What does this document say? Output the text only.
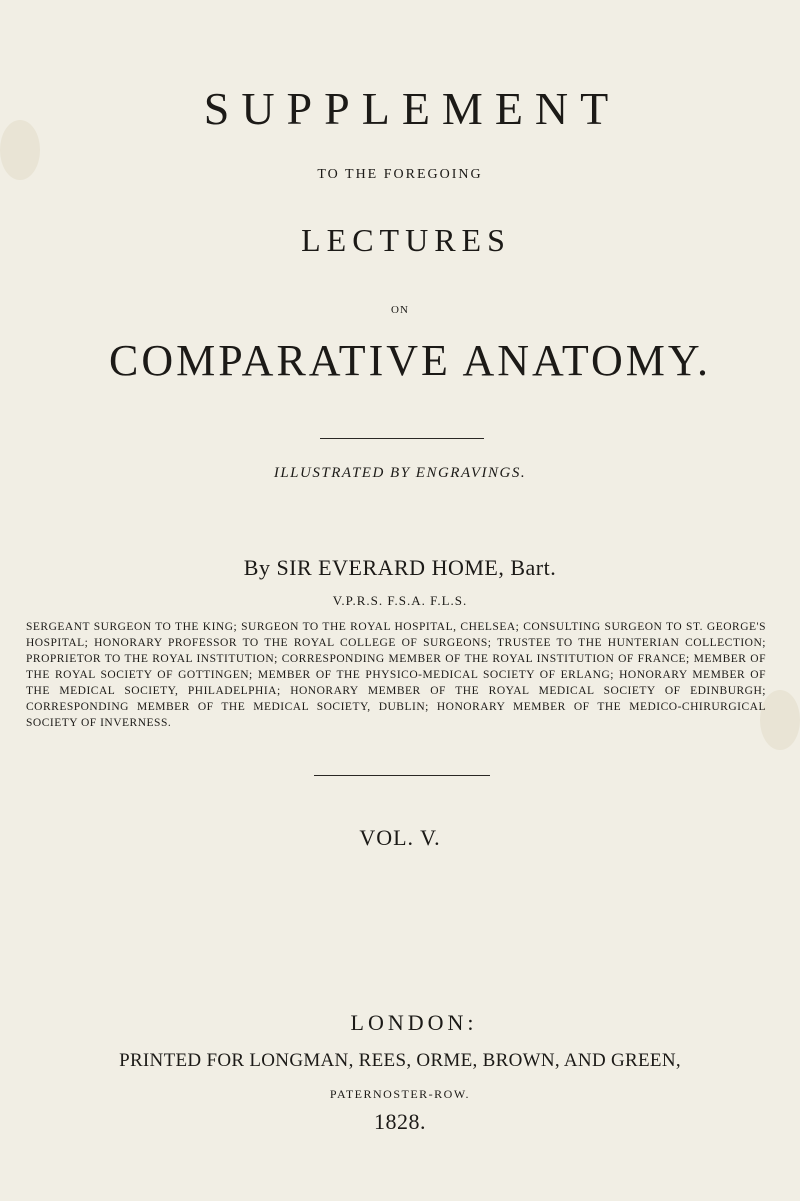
SUPPLEMENT
TO THE FOREGOING
LECTURES
ON
COMPARATIVE ANATOMY.
ILLUSTRATED BY ENGRAVINGS.
By SIR EVERARD HOME, Bart.
V.P.R.S. F.S.A. F.L.S.
SERGEANT SURGEON TO THE KING; SURGEON TO THE ROYAL HOSPITAL, CHELSEA; CONSULTING SURGEON TO ST. GEORGE'S HOSPITAL; HONORARY PROFESSOR TO THE ROYAL COLLEGE OF SURGEONS; TRUSTEE TO THE HUNTERIAN COLLECTION; PROPRIETOR TO THE ROYAL INSTITUTION; CORRESPONDING MEMBER OF THE ROYAL INSTITUTION OF FRANCE; MEMBER OF THE ROYAL SOCIETY OF GOTTINGEN; MEMBER OF THE PHYSICO-MEDICAL SOCIETY OF ERLANG; HONORARY MEMBER OF THE MEDICAL SOCIETY, PHILADELPHIA; HONORARY MEMBER OF THE ROYAL MEDICAL SOCIETY OF EDINBURGH; CORRESPONDING MEMBER OF THE MEDICAL SOCIETY, DUBLIN; HONORARY MEMBER OF THE MEDICO-CHIRURGICAL SOCIETY OF INVERNESS.
VOL. V.
LONDON:
PRINTED FOR LONGMAN, REES, ORME, BROWN, AND GREEN,
PATERNOSTER-ROW.
1828.
